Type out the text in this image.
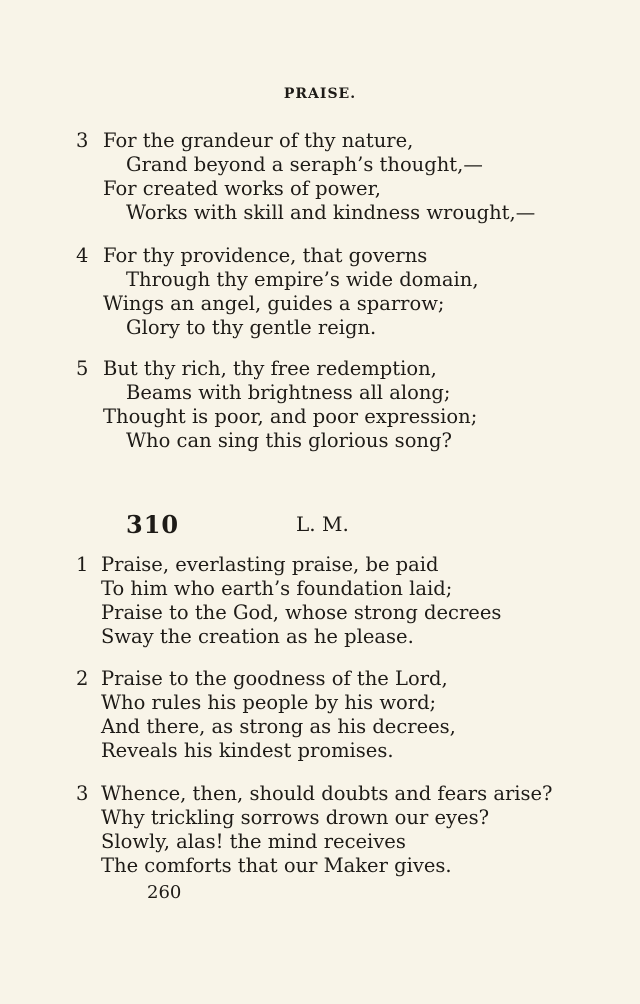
PRAISE.
3 For the grandeur of thy nature,
Grand beyond a seraph’s thought,—
For created works of power,
Works with skill and kindness wrought,—
4 For thy providence, that governs
Through thy empire’s wide domain,
Wings an angel, guides a sparrow;
Glory to thy gentle reign.
5 But thy rich, thy free redemption,
Beams with brightness all along;
Thought is poor, and poor expression;
Who can sing this glorious song?
310	L. M.
1 Praise, everlasting praise, be paid
To him who earth’s foundation laid;
Praise to the God, whose strong decrees
Sway the creation as he please.
2 Praise to the goodness of the Lord,
Who rules his people by his word;
And there, as strong as his decrees,
Reveals his kindest promises.
3 Whence, then, should doubts and fears arise?
Why trickling sorrows drown our eyes?
Slowly, alas! the mind receives
The comforts that our Maker gives.
260
